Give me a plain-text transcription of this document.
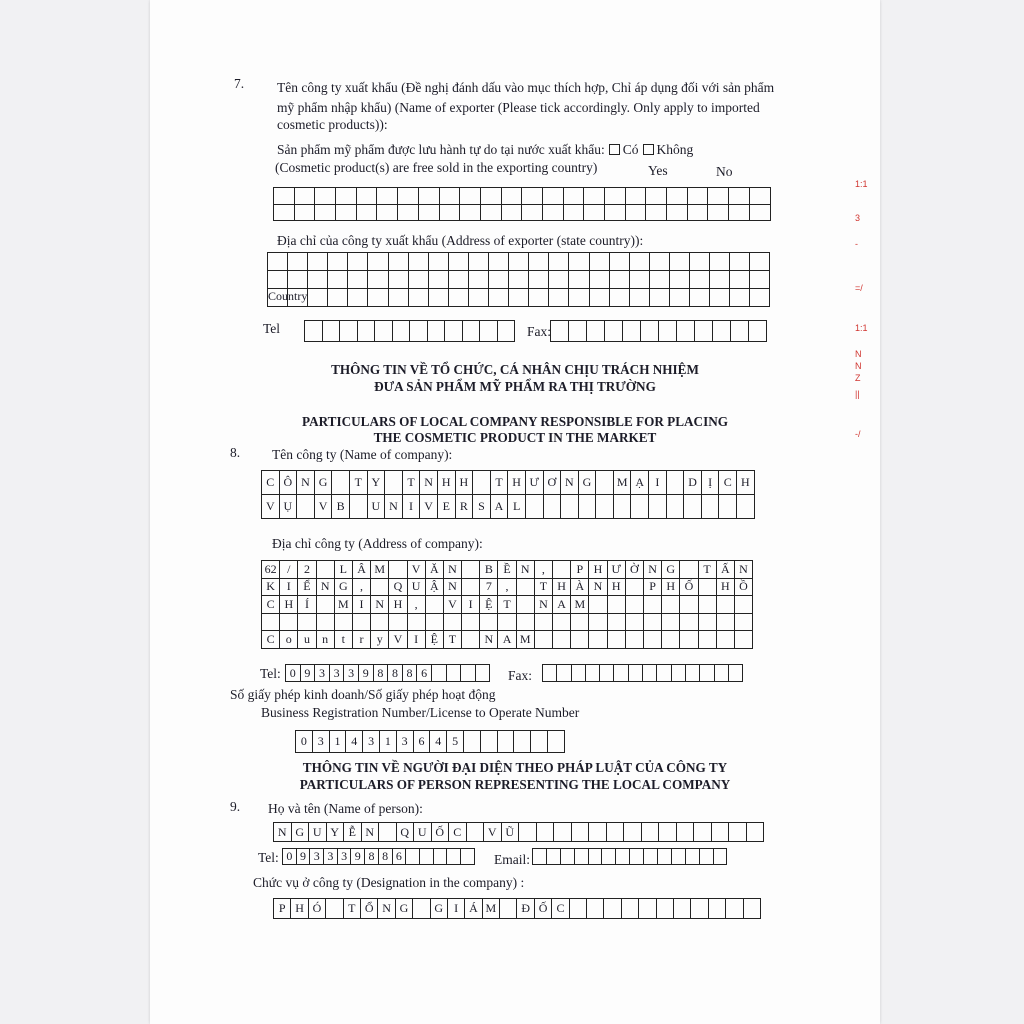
7. Tên công ty xuất khẩu (Đề nghị đánh dấu vào mục thích hợp, Chỉ áp dụng đối với sản phẩm
mỹ phẩm nhập khẩu) (Name of exporter (Please tick accordingly. Only apply to imported
cosmetic products)):
Sản phẩm mỹ phẩm được lưu hành tự do tại nước xuất khẩu: Có Không
(Cosmetic product(s) are free sold in the exporting country)	Yes	No
Địa chỉ của công ty xuất khẩu (Address of exporter (state country)):
Country
Tel	Fax:
THÔNG TIN VỀ TỔ CHỨC, CÁ NHÂN CHỊU TRÁCH NHIỆM
ĐƯA SẢN PHẨM MỸ PHẨM RA THỊ TRƯỜNG
PARTICULARS OF LOCAL COMPANY RESPONSIBLE FOR PLACING
THE COSMETIC PRODUCT IN THE MARKET
8. Tên công ty (Name of company):
C Ô N G	T Y	T N H H	T H Ư Ơ N G	M Ạ I	D Ị C H
V Ụ	V B	U N I V E R S A L
Địa chỉ công ty (Address of company):
62 /	2	L Â M	V Ă N	B Ề N	,	P H Ư Ờ N G	T Ấ N
K I	Ể N G	,	Q U Ậ N	7	,	T H À N H	P H Ố	H Ồ
C H Í	M I N H	,	V I	Ệ T	N A M
C o	u	n	t	r	y V I	Ệ T	N A M
Tel: 0 9 3 3 3 9 8 8 8 6	Fax:
Số giấy phép kinh doanh/Số giấy phép hoạt động
Business Registration Number/License to Operate Number
0 3 1 4 3 1 3 6 4 5
THÔNG TIN VỀ NGƯỜI ĐẠI DIỆN THEO PHÁP LUẬT CỦA CÔNG TY
PARTICULARS OF PERSON REPRESENTING THE LOCAL COMPANY
9. Họ và tên (Name of person):
N G U Y Ễ N	Q U Ố C	V Ũ
Tel: 0 9 3 3 3 9 8 8 6	Email:
Chức vụ ở công ty (Designation in the company) :
P H Ó	T Ổ N G	G I Á M	Đ Ố C
1:1
3
-
=/
1:1
N
N
Z
||
-/
